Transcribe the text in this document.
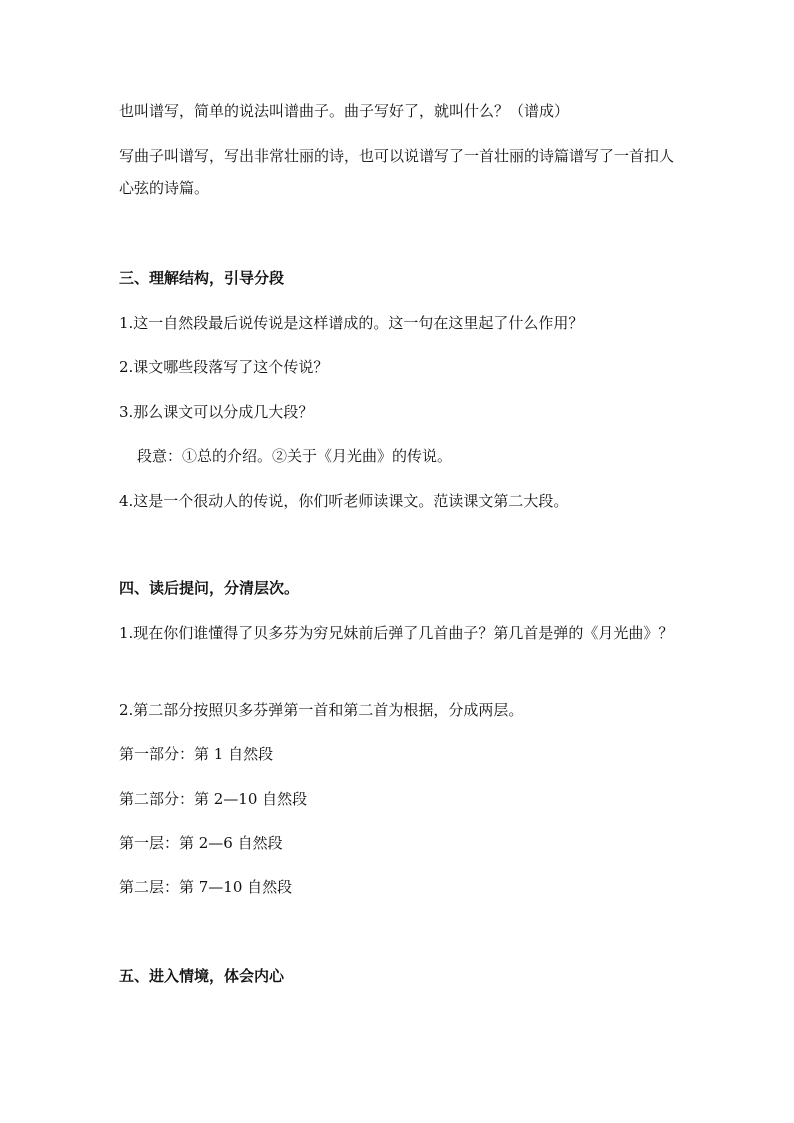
也叫谱写，简单的说法叫谱曲子。曲子写好了，就叫什么？（谱成）
写曲子叫谱写，写出非常壮丽的诗，也可以说谱写了一首壮丽的诗篇谱写了一首扣人心弦的诗篇。
三、理解结构，引导分段
1.这一自然段最后说传说是这样谱成的。这一句在这里起了什么作用？
2.课文哪些段落写了这个传说？
3.那么课文可以分成几大段？
段意：①总的介绍。②关于《月光曲》的传说。
4.这是一个很动人的传说，你们听老师读课文。范读课文第二大段。
四、读后提问，分清层次。
1.现在你们谁懂得了贝多芬为穷兄妹前后弹了几首曲子？第几首是弹的《月光曲》？
2.第二部分按照贝多芬弹第一首和第二首为根据，分成两层。
第一部分：第 1 自然段
第二部分：第 2—10 自然段
第一层：第 2—6 自然段
第二层：第 7—10 自然段
五、进入情境，体会内心
